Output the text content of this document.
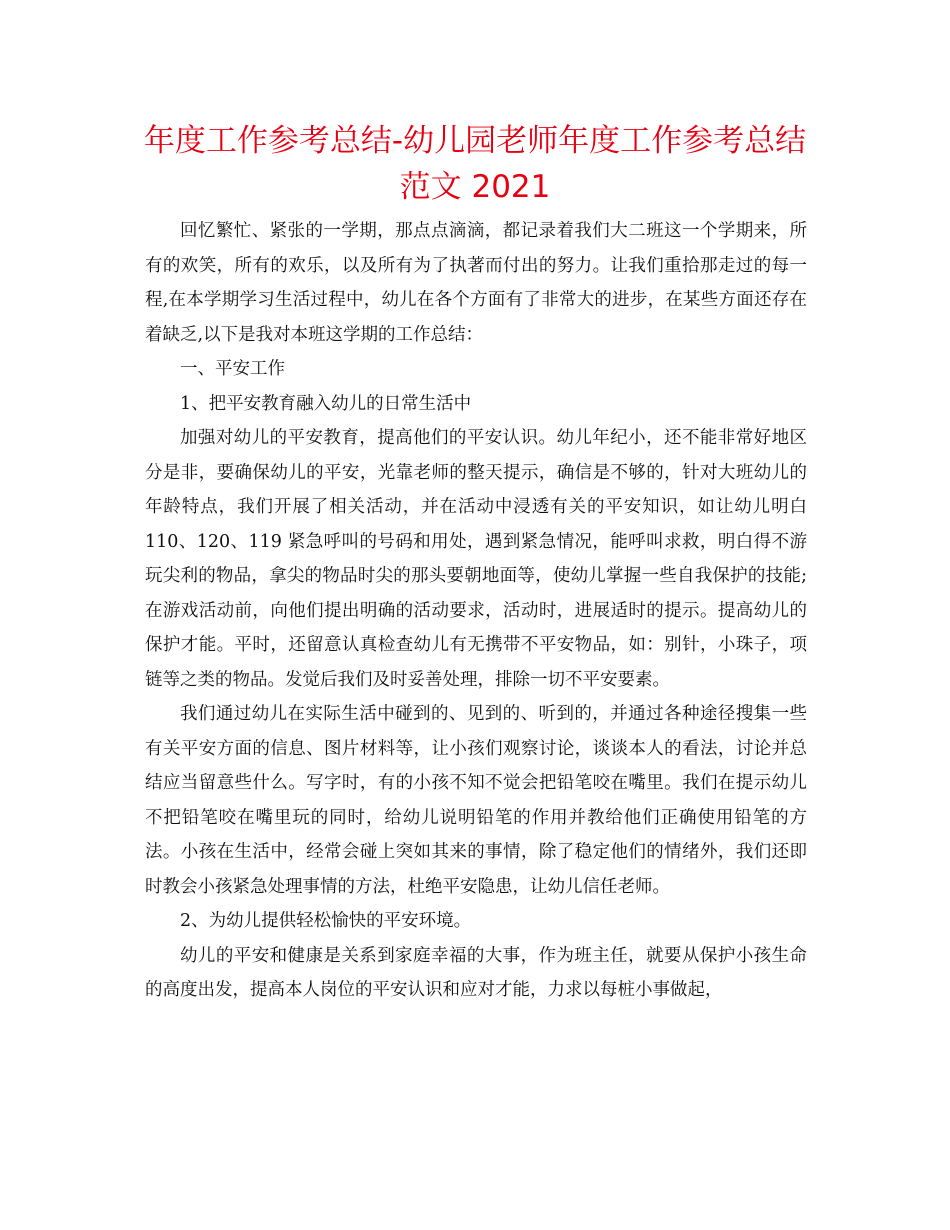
年度工作参考总结-幼儿园老师年度工作参考总结
范文 2021

回忆繁忙、紧张的一学期，那点点滴滴，都记录着我们大二班这一个学期来，所有的欢笑，所有的欢乐，以及所有为了执著而付出的努力。让我们重拾那走过的每一程,在本学期学习生活过程中，幼儿在各个方面有了非常大的进步，在某些方面还存在着缺乏,以下是我对本班这学期的工作总结：

一、平安工作

1、把平安教育融入幼儿的日常生活中

加强对幼儿的平安教育，提高他们的平安认识。幼儿年纪小，还不能非常好地区分是非，要确保幼儿的平安，光靠老师的整天提示，确信是不够的，针对大班幼儿的年龄特点，我们开展了相关活动，并在活动中浸透有关的平安知识，如让幼儿明白 110、120、119 紧急呼叫的号码和用处，遇到紧急情况，能呼叫求救，明白得不游玩尖利的物品，拿尖的物品时尖的那头要朝地面等，使幼儿掌握一些自我保护的技能;在游戏活动前，向他们提出明确的活动要求，活动时，进展适时的提示。提高幼儿的保护才能。平时，还留意认真检查幼儿有无携带不平安物品，如：别针，小珠子，项链等之类的物品。发觉后我们及时妥善处理，排除一切不平安要素。

我们通过幼儿在实际生活中碰到的、见到的、听到的，并通过各种途径搜集一些有关平安方面的信息、图片材料等，让小孩们观察讨论，谈谈本人的看法，讨论并总结应当留意些什么。写字时，有的小孩不知不觉会把铅笔咬在嘴里。我们在提示幼儿不把铅笔咬在嘴里玩的同时，给幼儿说明铅笔的作用并教给他们正确使用铅笔的方法。小孩在生活中，经常会碰上突如其来的事情，除了稳定他们的情绪外，我们还即时教会小孩紧急处理事情的方法，杜绝平安隐患，让幼儿信任老师。

2、为幼儿提供轻松愉快的平安环境。

幼儿的平安和健康是关系到家庭幸福的大事，作为班主任，就要从保护小孩生命的高度出发，提高本人岗位的平安认识和应对才能，力求以每桩小事做起，
